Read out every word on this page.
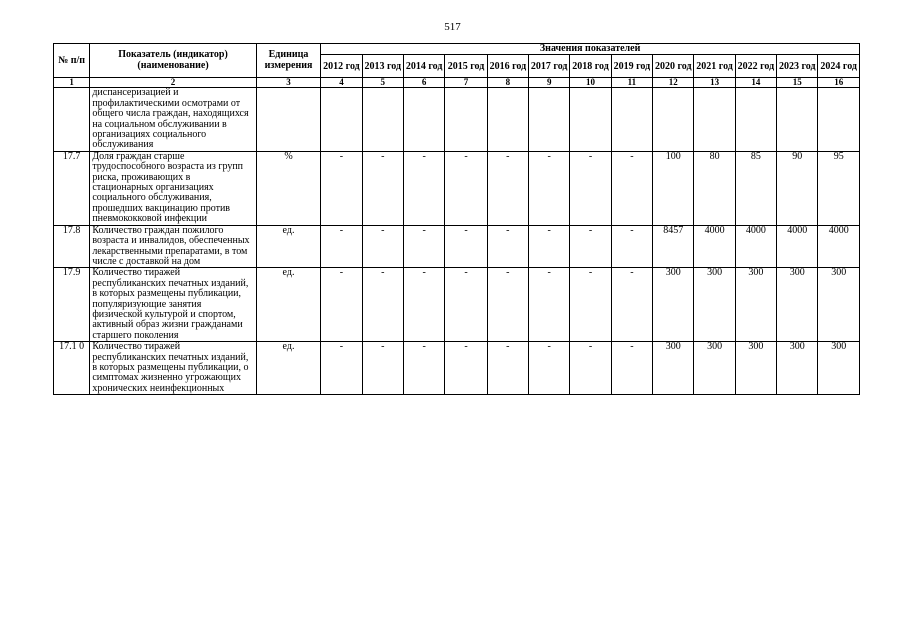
517
№ п/п	Показатель (индикатор) (наименование)	Единица измерения	Значения показателей												
			2012 год	2013 год	2014 год	2015 год	2016 год	2017 год	2018 год	2019 год	2020 год	2021 год	2022 год	2023 год	2024 год
1	2	3	4	5	6	7	8	9	10	11	12	13	14	15	16
	диспансеризацией и профилактическими осмотрами от общего числа граждан, находящихся на социальном обслуживании в организациях социального обслуживания														
17.7	Доля граждан старше трудоспособного возраста из групп риска, проживающих в стационарных организациях социального обслуживания, прошедших вакцинацию против пневмококковой инфекции	%	-	-	-	-	-	-	-	-	100	80	85	90	95
17.8	Количество граждан пожилого возраста и инвалидов, обеспеченных лекарственными препаратами, в том числе с доставкой на дом	ед.	-	-	-	-	-	-	-	-	8457	4000	4000	4000	4000
17.9	Количество тиражей республиканских печатных изданий, в которых размещены публикации, популяризующие занятия физической культурой и спортом, активный образ жизни гражданами старшего поколения	ед.	-	-	-	-	-	-	-	-	300	300	300	300	300
17.1 0	Количество тиражей республиканских печатных изданий, в которых размещены публикации, о симптомах жизненно угрожающих хронических неинфекционных	ед.	-	-	-	-	-	-	-	-	300	300	300	300	300
